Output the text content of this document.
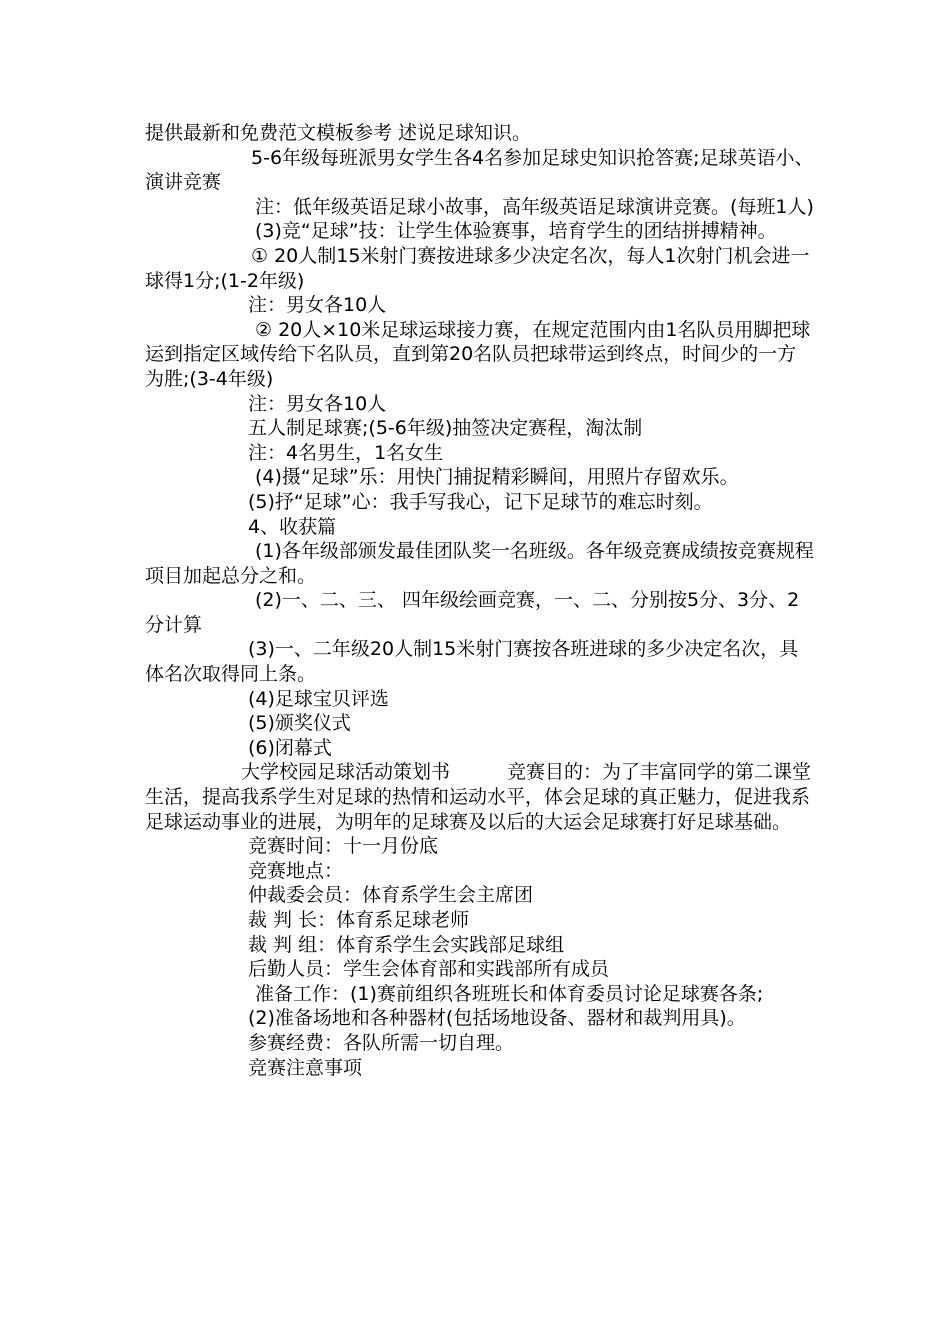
提供最新和免费范文模板参考 述说足球知识。

5-6年级每班派男女学生各4名参加足球史知识抢答赛;足球英语小、演讲竞赛

注：低年级英语足球小故事，高年级英语足球演讲竞赛。(每班1人)

(3)竞“足球”技：让学生体验赛事，培育学生的团结拼搏精神。

① 20人制15米射门赛按进球多少决定名次，每人1次射门机会进一球得1分;(1-2年级)

注：男女各10人

② 20人×10米足球运球接力赛，在规定范围内由1名队员用脚把球运到指定区域传给下名队员，直到第20名队员把球带运到终点，时间少的一方为胜;(3-4年级)

注：男女各10人

五人制足球赛;(5-6年级)抽签决定赛程，淘汰制

注：4名男生，1名女生

(4)摄“足球”乐：用快门捕捉精彩瞬间，用照片存留欢乐。

(5)抒“足球”心：我手写我心，记下足球节的难忘时刻。

4、收获篇

(1)各年级部颁发最佳团队奖一名班级。各年级竞赛成绩按竞赛规程项目加起总分之和。

(2)一、二、三、 四年级绘画竞赛，一、二、分别按5分、3分、2分计算

(3)一、二年级20人制15米射门赛按各班进球的多少决定名次，具体名次取得同上条。

(4)足球宝贝评选

(5)颁奖仪式

(6)闭幕式

大学校园足球活动策划书　　　竞赛目的：为了丰富同学的第二课堂生活，提高我系学生对足球的热情和运动水平，体会足球的真正魅力，促进我系足球运动事业的进展，为明年的足球赛及以后的大运会足球赛打好足球基础。

竞赛时间：十一月份底

竞赛地点：

仲裁委会员：体育系学生会主席团

裁 判 长：体育系足球老师

裁 判 组：体育系学生会实践部足球组

后勤人员：学生会体育部和实践部所有成员

准备工作：(1)赛前组织各班班长和体育委员讨论足球赛各条;

(2)准备场地和各种器材(包括场地设备、器材和裁判用具)。

参赛经费：各队所需一切自理。

竞赛注意事项
